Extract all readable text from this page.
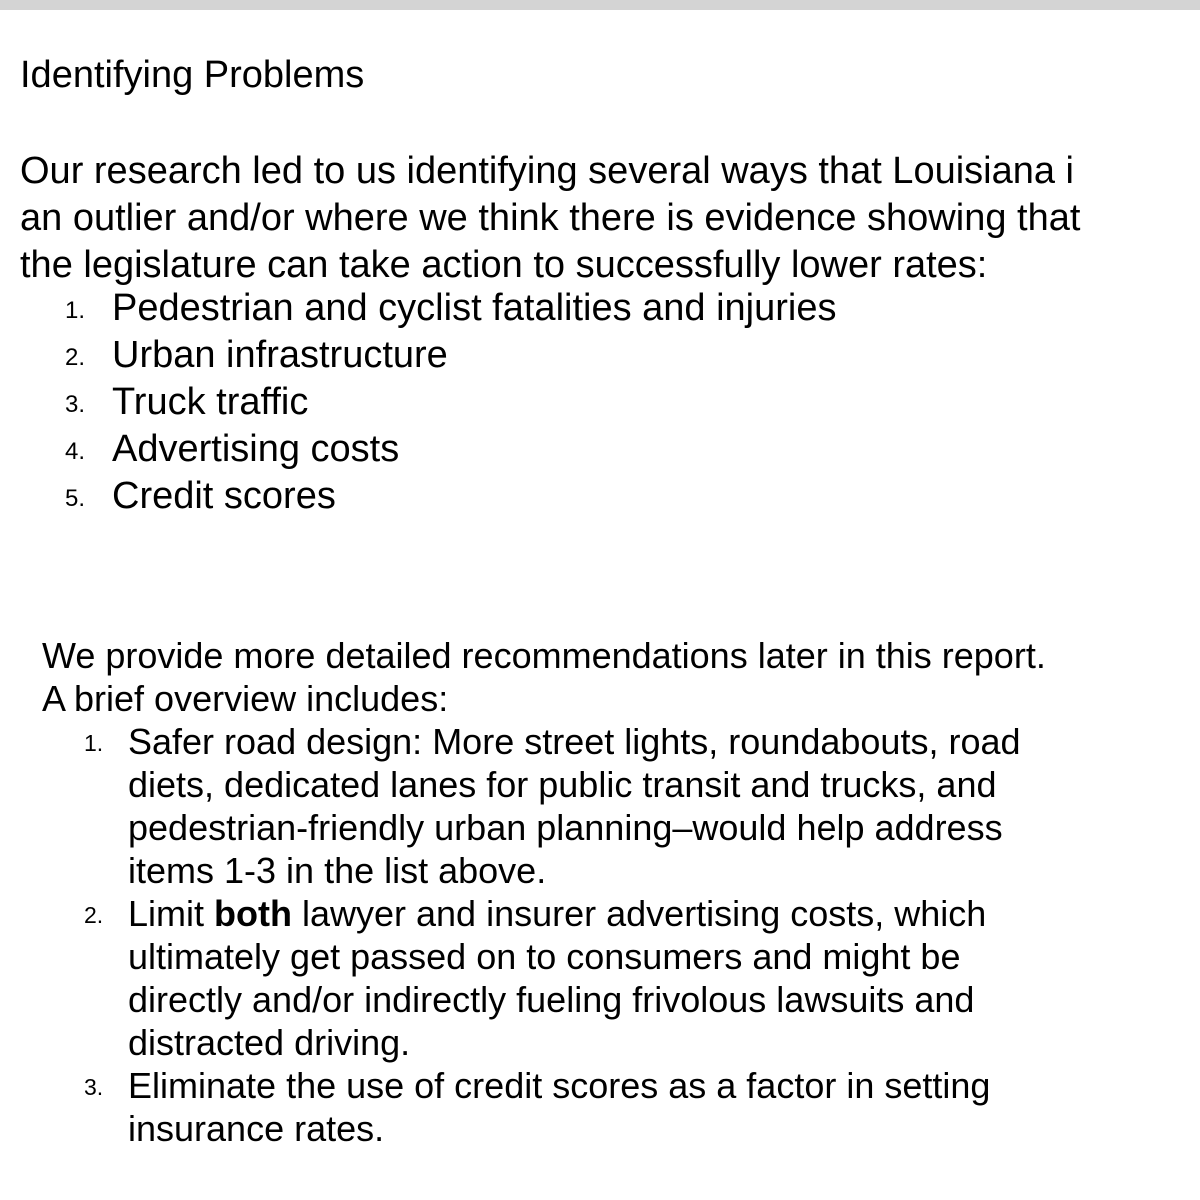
Identifying Problems

Our research led to us identifying several ways that Louisiana i
an outlier and/or where we think there is evidence showing that
the legislature can take action to successfully lower rates:

1. Pedestrian and cyclist fatalities and injuries
2. Urban infrastructure
3. Truck traffic
4. Advertising costs
5. Credit scores

We provide more detailed recommendations later in this report.
A brief overview includes:

1. Safer road design: More street lights, roundabouts, road
diets, dedicated lanes for public transit and trucks, and
pedestrian-friendly urban planning–would help address
items 1-3 in the list above.
2. Limit both lawyer and insurer advertising costs, which
ultimately get passed on to consumers and might be
directly and/or indirectly fueling frivolous lawsuits and
distracted driving.
3. Eliminate the use of credit scores as a factor in setting
insurance rates.
